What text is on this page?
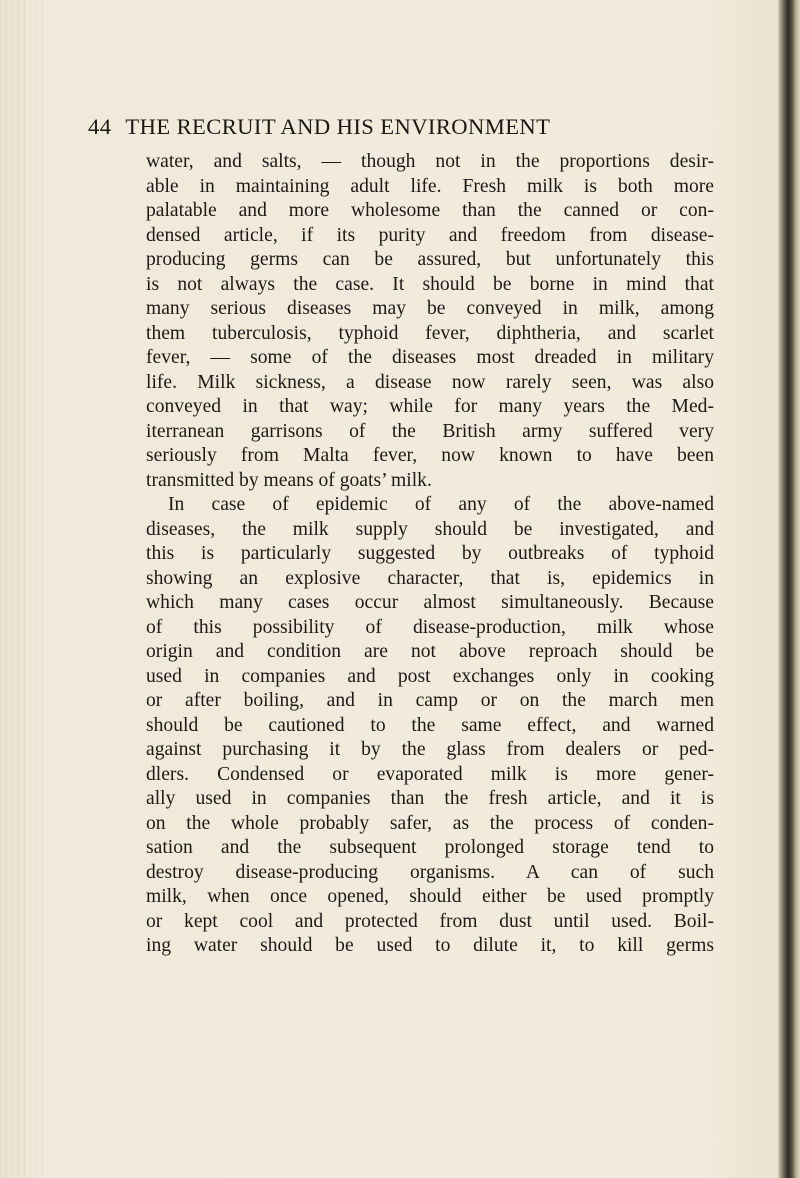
44 THE RECRUIT AND HIS ENVIRONMENT
water, and salts, — though not in the proportions desir-
able in maintaining adult life. Fresh milk is both more
palatable and more wholesome than the canned or con-
densed article, if its purity and freedom from disease-
producing germs can be assured, but unfortunately this
is not always the case. It should be borne in mind that
many serious diseases may be conveyed in milk, among
them tuberculosis, typhoid fever, diphtheria, and scarlet
fever, — some of the diseases most dreaded in military
life. Milk sickness, a disease now rarely seen, was also
conveyed in that way; while for many years the Med-
iterranean garrisons of the British army suffered very
seriously from Malta fever, now known to have been
transmitted by means of goats’ milk.
In case of epidemic of any of the above-named
diseases, the milk supply should be investigated, and
this is particularly suggested by outbreaks of typhoid
showing an explosive character, that is, epidemics in
which many cases occur almost simultaneously. Because
of this possibility of disease-production, milk whose
origin and condition are not above reproach should be
used in companies and post exchanges only in cooking
or after boiling, and in camp or on the march men
should be cautioned to the same effect, and warned
against purchasing it by the glass from dealers or ped-
dlers. Condensed or evaporated milk is more gener-
ally used in companies than the fresh article, and it is
on the whole probably safer, as the process of conden-
sation and the subsequent prolonged storage tend to
destroy disease-producing organisms. A can of such
milk, when once opened, should either be used promptly
or kept cool and protected from dust until used. Boil-
ing water should be used to dilute it, to kill germs
